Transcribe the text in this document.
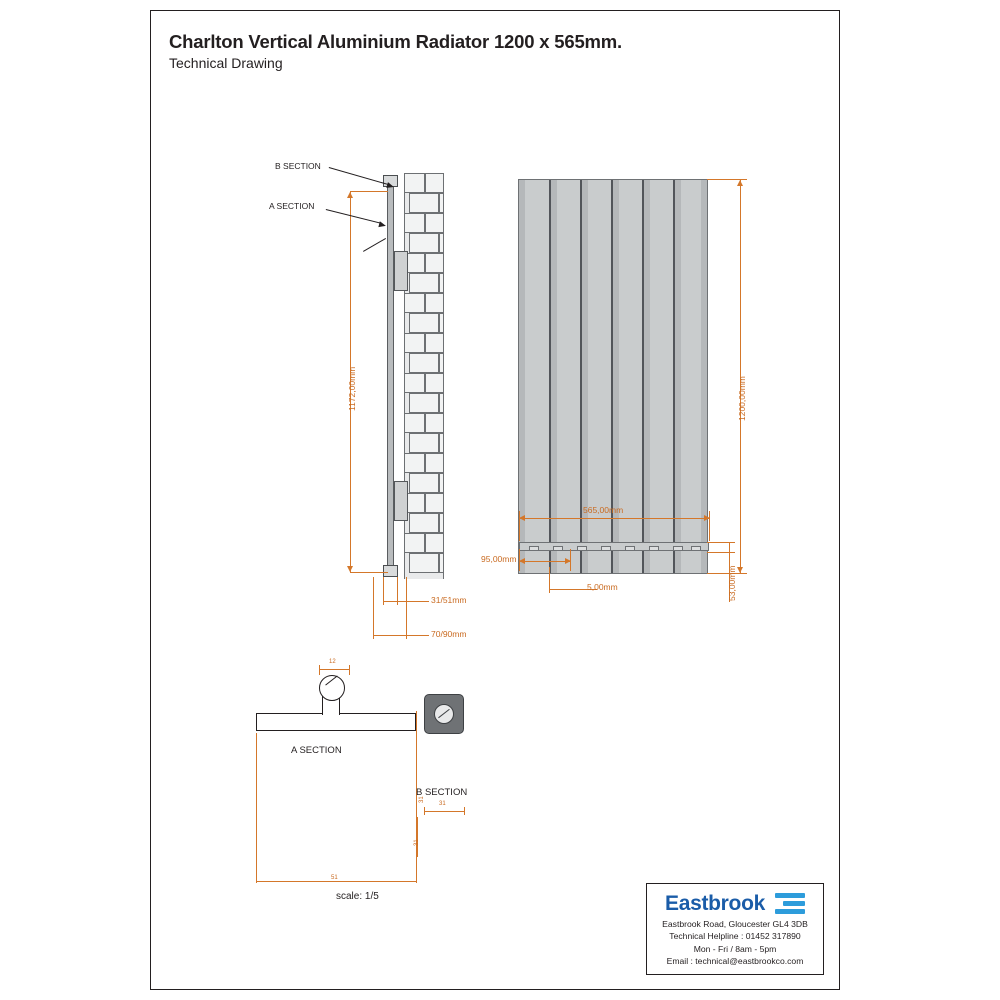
Charlton Vertical Aluminium Radiator 1200 x 565mm.
Technical Drawing
1172,00mm
B SECTION
A SECTION
31/51mm
70/90mm
1200,00mm
5,00mm
565,00mm
95,00mm
53,00mm
A SECTION
12
51
31
B SECTION
31
31
scale: 1/5	Eastbrook
Eastbrook Road, Gloucester GL4 3DB
Technical Helpline : 01452 317890
Mon - Fri / 8am - 5pm
Email : technical@eastbrookco.com
